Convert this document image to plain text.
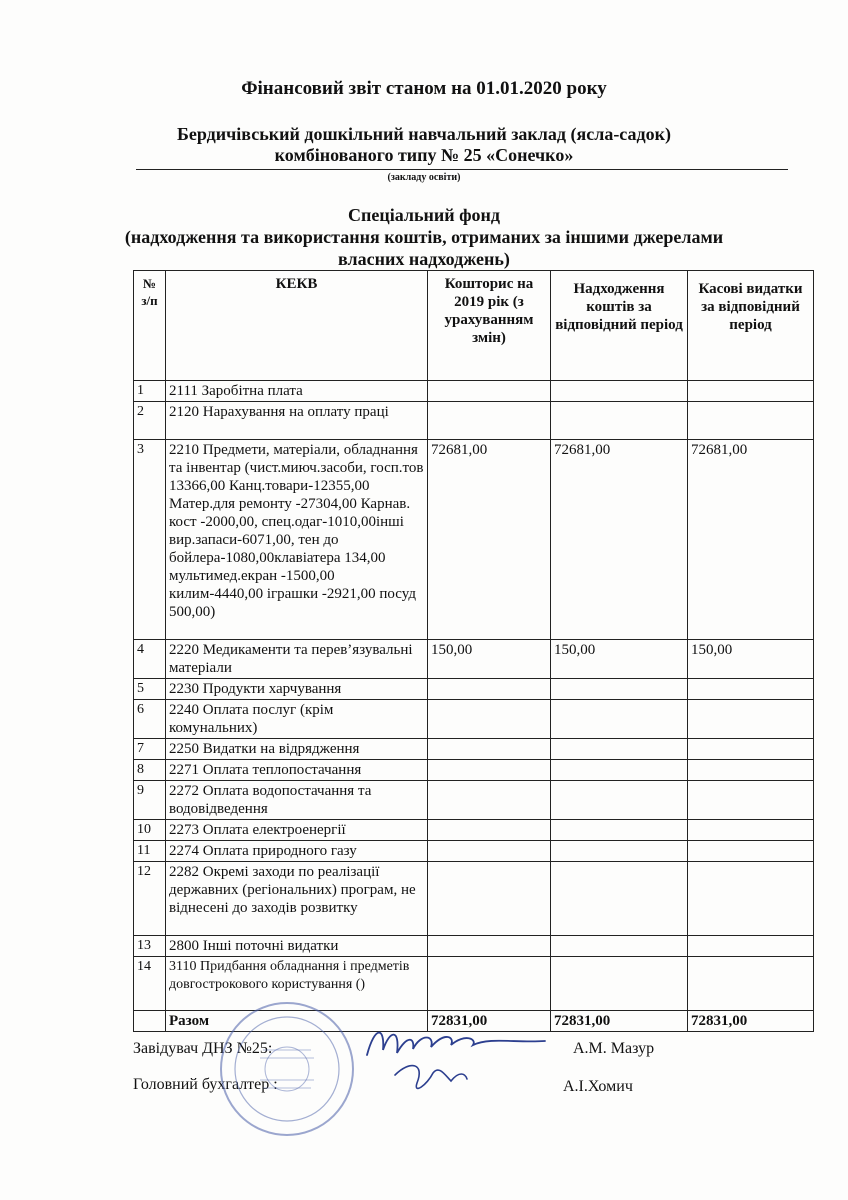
Фінансовий звіт станом на 01.01.2020 року
Бердичівський дошкільний навчальний заклад (ясла-садок)
комбінованого типу № 25 «Сонечко»
(закладу освіти)
Спеціальний фонд
(надходження та використання коштів, отриманих за іншими джерелами
власних надходжень)
№ з/п	КЕКВ	Кошторис на 2019 рік (з урахуванням змін)	Надходження коштів за відповідний період	Касові видатки за відповідний період
1	2111 Заробітна плата			
2	2120 Нарахування на оплату праці			
3	2210 Предмети, матеріали, обладнання та інвентар (чист.миюч.засоби, госп.тов 13366,00 Канц.товари-12355,00 Матер.для ремонту -27304,00 Карнав. кост -2000,00, спец.одаг-1010,00інші вир.запаси-6071,00, тен до бойлера-1080,00клавіатера 134,00 мультимед.екран -1500,00 килим-4440,00 іграшки -2921,00 посуд 500,00)	72681,00	72681,00	72681,00
4	2220 Медикаменти та перев’язувальні матеріали	150,00	150,00	150,00
5	2230 Продукти харчування			
6	2240 Оплата послуг (крім комунальних)			
7	2250 Видатки на відрядження			
8	2271 Оплата теплопостачання			
9	2272 Оплата водопостачання та водовідведення			
10	2273 Оплата електроенергії			
11	2274 Оплата природного газу			
12	2282 Окремі заходи по реалізації державних (регіональних) програм, не віднесені до заходів розвитку			
13	2800 Інші поточні видатки			
14	3110 Придбання обладнання і предметів довгострокового користування ()			
	Разом	72831,00	72831,00	72831,00
Завідувач ДНЗ №25:	А.М. Мазур
Головний бухгалтер :	А.І.Хомич
